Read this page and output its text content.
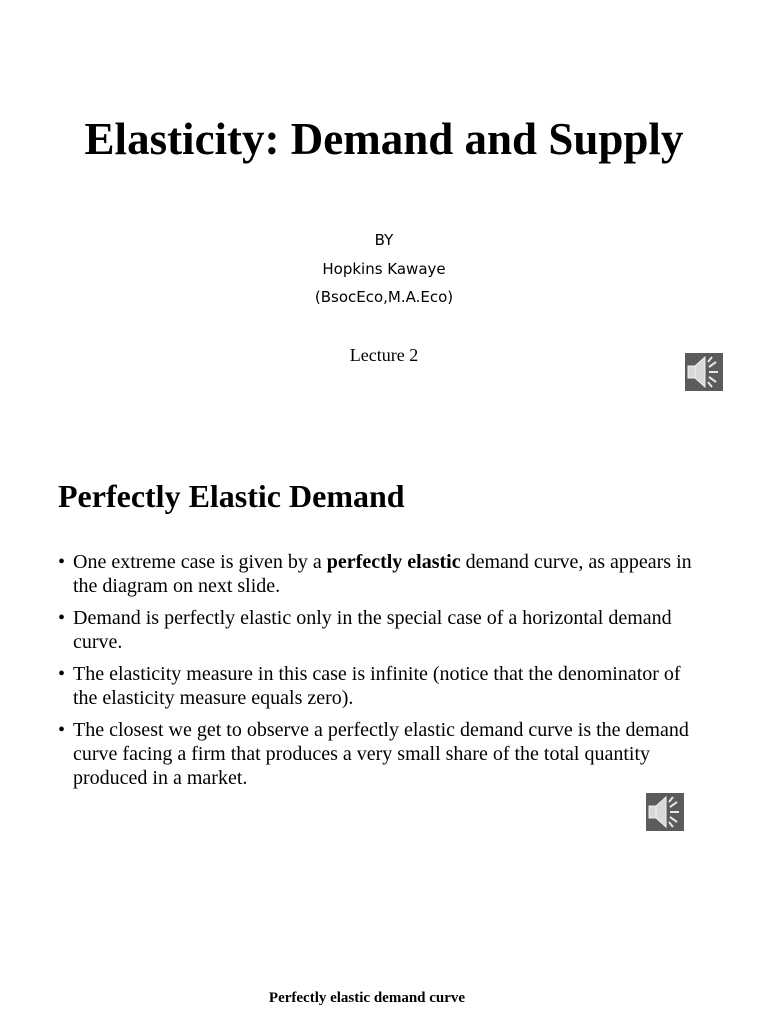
Elasticity: Demand and Supply

BY

Hopkins Kawaye

(BsocEco,M.A.Eco)

Lecture 2

Perfectly Elastic Demand
• One extreme case is given by a perfectly elastic demand curve, as appears in the diagram on next slide.
• Demand is perfectly elastic only in the special case of a horizontal demand curve.
• The elasticity measure in this case is infinite (notice that the denominator of the elasticity measure equals zero).
• The closest we get to observe a perfectly elastic demand curve is the demand curve facing a firm that produces a very small share of the total quantity produced in a market.

Perfectly elastic demand curve
